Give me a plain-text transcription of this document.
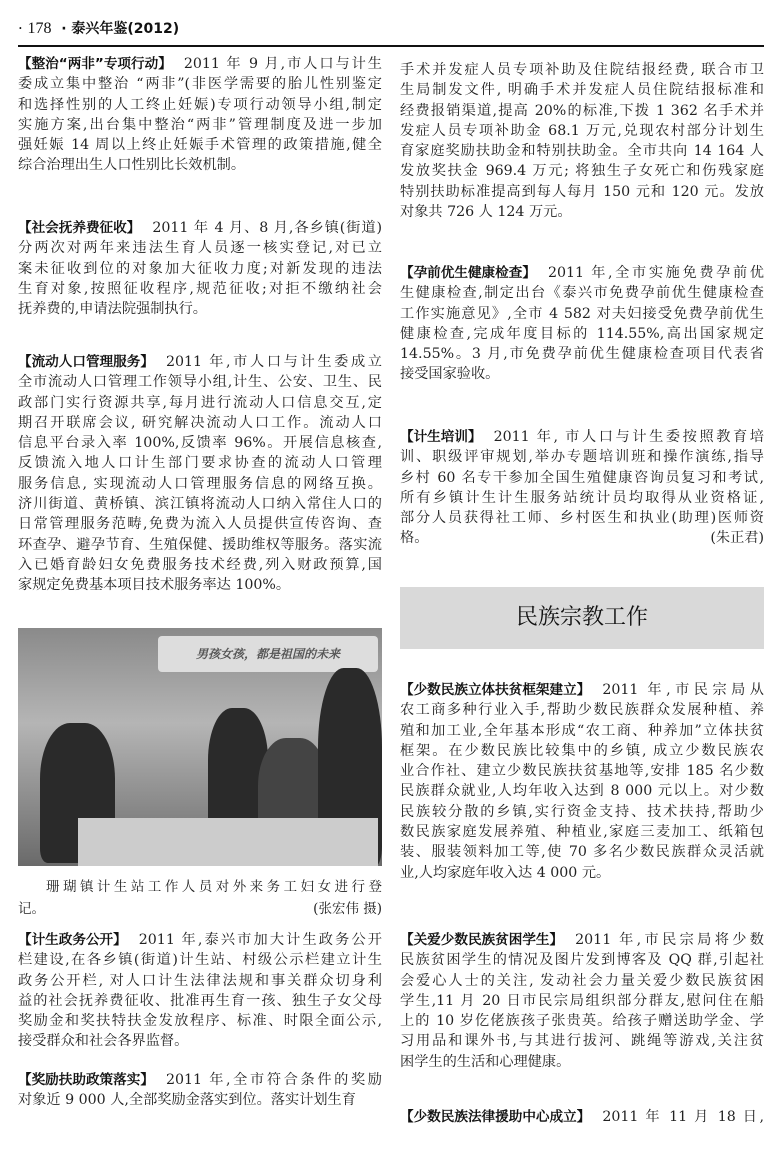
· 178  · 泰兴年鉴(2012)
【整治“两非”专项行动】 2011 年 9 月,市人口与计生
委成立集中整治 “两非”(非医学需要的胎儿性别鉴定
和选择性别的人工终止妊娠)专项行动领导小组,制定
实施方案,出台集中整治“两非”管理制度及进一步加
强妊娠 14 周以上终止妊娠手术管理的政策措施,健全
综合治理出生人口性别比长效机制。
【社会抚养费征收】 2011 年 4 月、8 月,各乡镇(街道)
分两次对两年来违法生育人员逐一核实登记,对已立
案未征收到位的对象加大征收力度;对新发现的违法
生育对象,按照征收程序,规范征收;对拒不缴纳社会
抚养费的,申请法院强制执行。
【流动人口管理服务】 2011 年,市人口与计生委成立
全市流动人口管理工作领导小组,计生、公安、卫生、民
政部门实行资源共享,每月进行流动人口信息交互,定
期召开联席会议, 研究解决流动人口工作。流动人口
信息平台录入率 100%,反馈率 96%。开展信息核查,
反馈流入地人口计生部门要求协查的流动人口管理
服务信息, 实现流动人口管理服务信息的网络互换。
济川街道、黄桥镇、滨江镇将流动人口纳入常住人口的
日常管理服务范畴,免费为流入人员提供宣传咨询、查
环查孕、避孕节育、生殖保健、援助维权等服务。落实流
入已婚育龄妇女免费服务技术经费,列入财政预算,国
家规定免费基本项目技术服务率达 100%。
【计生政务公开】 2011 年,泰兴市加大计生政务公开
栏建设,在各乡镇(街道)计生站、村级公示栏建立计生
政务公开栏, 对人口计生法律法规和事关群众切身利
益的社会抚养费征收、批准再生育一孩、独生子女父母
奖励金和奖扶特扶金发放程序、标准、时限全面公示,
接受群众和社会各界监督。
【奖励扶助政策落实】 2011 年,全市符合条件的奖励
对象近 9 000 人,全部奖励金落实到位。落实计划生育
手术并发症人员专项补助及住院结报经费, 联合市卫
生局制发文件, 明确手术并发症人员住院结报标准和
经费报销渠道,提高 20%的标准,下拨 1 362 名手术并
发症人员专项补助金 68.1 万元,兑现农村部分计划生
育家庭奖励扶助金和特别扶助金。全市共向 14 164 人
发放奖扶金 969.4 万元; 将独生子女死亡和伤残家庭
特别扶助标准提高到每人每月 150 元和 120 元。发放
对象共 726 人 124 万元。
【孕前优生健康检查】 2011 年,全市实施免费孕前优
生健康检查,制定出台《泰兴市免费孕前优生健康检查
工作实施意见》,全市 4 582 对夫妇接受免费孕前优生
健康检查,完成年度目标的 114.55%,高出国家规定
14.55%。3 月,市免费孕前优生健康检查项目代表省
接受国家验收。
【计生培训】 2011 年, 市人口与计生委按照教育培
训、职级评审规划,举办专题培训班和操作演练,指导
乡村 60 名专干参加全国生殖健康咨询员复习和考试,
所有乡镇计生计生服务站统计员均取得从业资格证,
部分人员获得社工师、乡村医生和执业(助理)医师资
格。	(朱正君)
【少数民族立体扶贫框架建立】 2011 年,市民宗局从
农工商多种行业入手,帮助少数民族群众发展种植、养
殖和加工业,全年基本形成“农工商、种养加”立体扶贫
框架。在少数民族比较集中的乡镇, 成立少数民族农
业合作社、建立少数民族扶贫基地等,安排 185 名少数
民族群众就业,人均年收入达到 8 000 元以上。对少数
民族较分散的乡镇,实行资金支持、技术扶持,帮助少
数民族家庭发展养殖、种植业,家庭三麦加工、纸箱包
装、服装领料加工等,使 70 多名少数民族群众灵活就
业,人均家庭年收入达 4 000 元。
【关爱少数民族贫困学生】 2011 年,市民宗局将少数
民族贫困学生的情况及图片发到博客及 QQ 群,引起社
会爱心人士的关注, 发动社会力量关爱少数民族贫困
学生,11 月 20 日市民宗局组织部分群友,慰问住在船
上的 10 岁仡佬族孩子张贵英。给孩子赠送助学金、学
习用品和课外书,与其进行拔河、跳绳等游戏,关注贫
困学生的生活和心理健康。
【少数民族法律援助中心成立】 2011 年 11 月 18 日,
男孩女孩，都是祖国的未来
珊瑚镇计生站工作人员对外来务工妇女进行登
记。	(张宏伟 摄)
民族宗教工作
